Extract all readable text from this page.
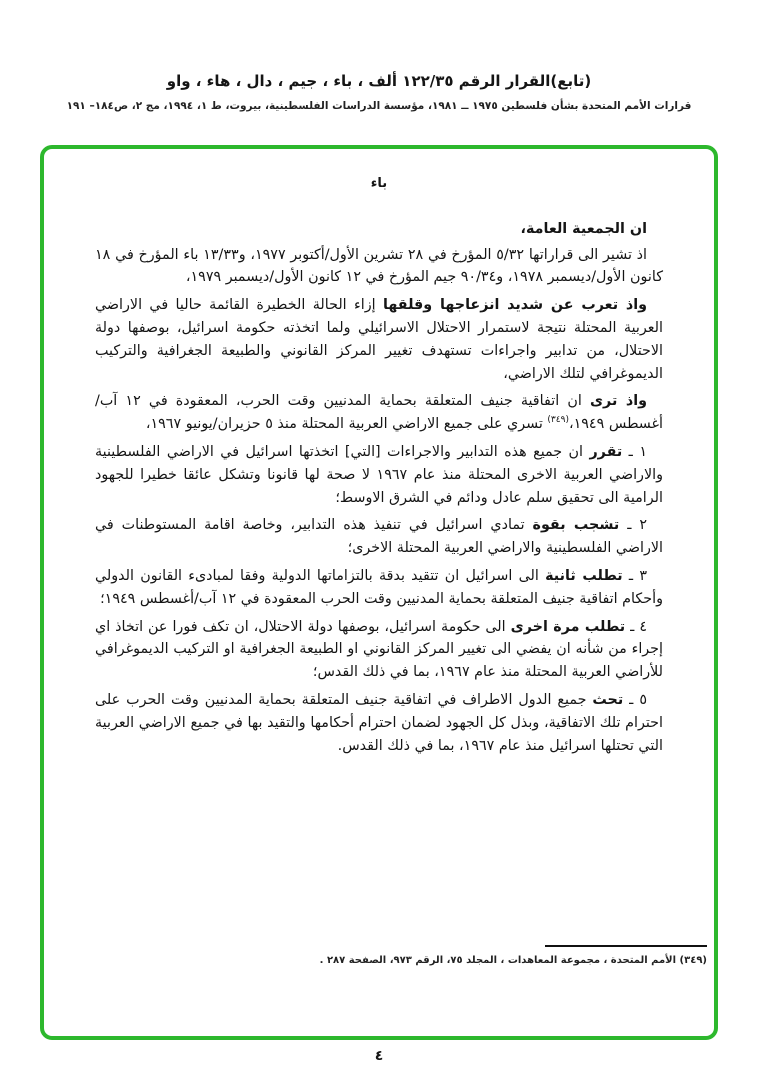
(تابع)القرار الرقم ١٢٢/٣٥ ألف ، باء ، جيم ، دال ، هاء ، واو
قرارات الأمم المتحدة بشأن فلسطين ١٩٧٥ ــ ١٩٨١، مؤسسة الدراسات الفلسطينية، بيروت، ط ١، ١٩٩٤، مج ٢، ص١٨٤– ١٩١

باء

ان الجمعية العامة،

اذ تشير الى قراراتها ٥/٣٢ المؤرخ في ٢٨ تشرين الأول/أكتوبر ١٩٧٧، و١٣/٣٣ باء المؤرخ في ١٨ كانون الأول/ديسمبر ١٩٧٨، و٩٠/٣٤ جيم المؤرخ في ١٢ كانون الأول/ديسمبر ١٩٧٩،

واذ تعرب عن شديد انزعاجها وقلقها إزاء الحالة الخطيرة القائمة حاليا في الاراضي العربية المحتلة نتيجة لاستمرار الاحتلال الاسرائيلي ولما اتخذته حكومة اسرائيل، بوصفها دولة الاحتلال، من تدابير واجراءات تستهدف تغيير المركز القانوني والطبيعة الجغرافية والتركيب الديموغرافي لتلك الاراضي،

واذ ترى ان اتفاقية جنيف المتعلقة بحماية المدنيين وقت الحرب، المعقودة في ١٢ آب/أغسطس ١٩٤٩،$^{(٣٤٩)}$ تسري على جميع الاراضي العربية المحتلة منذ ٥ حزيران/يونيو ١٩٦٧،

١ ـ تقرر ان جميع هذه التدابير والاجراءات [التي] اتخذتها اسرائيل في الاراضي الفلسطينية والاراضي العربية الاخرى المحتلة منذ عام ١٩٦٧ لا صحة لها قانونا وتشكل عائقا خطيرا للجهود الرامية الى تحقيق سلم عادل ودائم في الشرق الاوسط؛

٢ ـ تشجب بقوة تمادي اسرائيل في تنفيذ هذه التدابير، وخاصة اقامة المستوطنات في الاراضي الفلسطينية والاراضي العربية المحتلة الاخرى؛

٣ ـ تطلب ثانية الى اسرائيل ان تتقيد بدقة بالتزاماتها الدولية وفقا لمبادىء القانون الدولي وأحكام اتفاقية جنيف المتعلقة بحماية المدنيين وقت الحرب المعقودة في ١٢ آب/أغسطس ١٩٤٩؛

٤ ـ تطلب مرة اخرى الى حكومة اسرائيل، بوصفها دولة الاحتلال، ان تكف فورا عن اتخاذ اي إجراء من شأنه ان يفضي الى تغيير المركز القانوني او الطبيعة الجغرافية او التركيب الديموغرافي للأراضي العربية المحتلة منذ عام ١٩٦٧، بما في ذلك القدس؛

٥ ـ تحث جميع الدول الاطراف في اتفاقية جنيف المتعلقة بحماية المدنيين وقت الحرب على احترام تلك الاتفاقية، وبذل كل الجهود لضمان احترام أحكامها والتقيد بها في جميع الاراضي العربية التي تحتلها اسرائيل منذ عام ١٩٦٧، بما في ذلك القدس.

(٣٤٩) الأمم المتحدة ، مجموعة المعاهدات ، المجلد ٧٥، الرقم ٩٧٣، الصفحة ٢٨٧ .
٤
